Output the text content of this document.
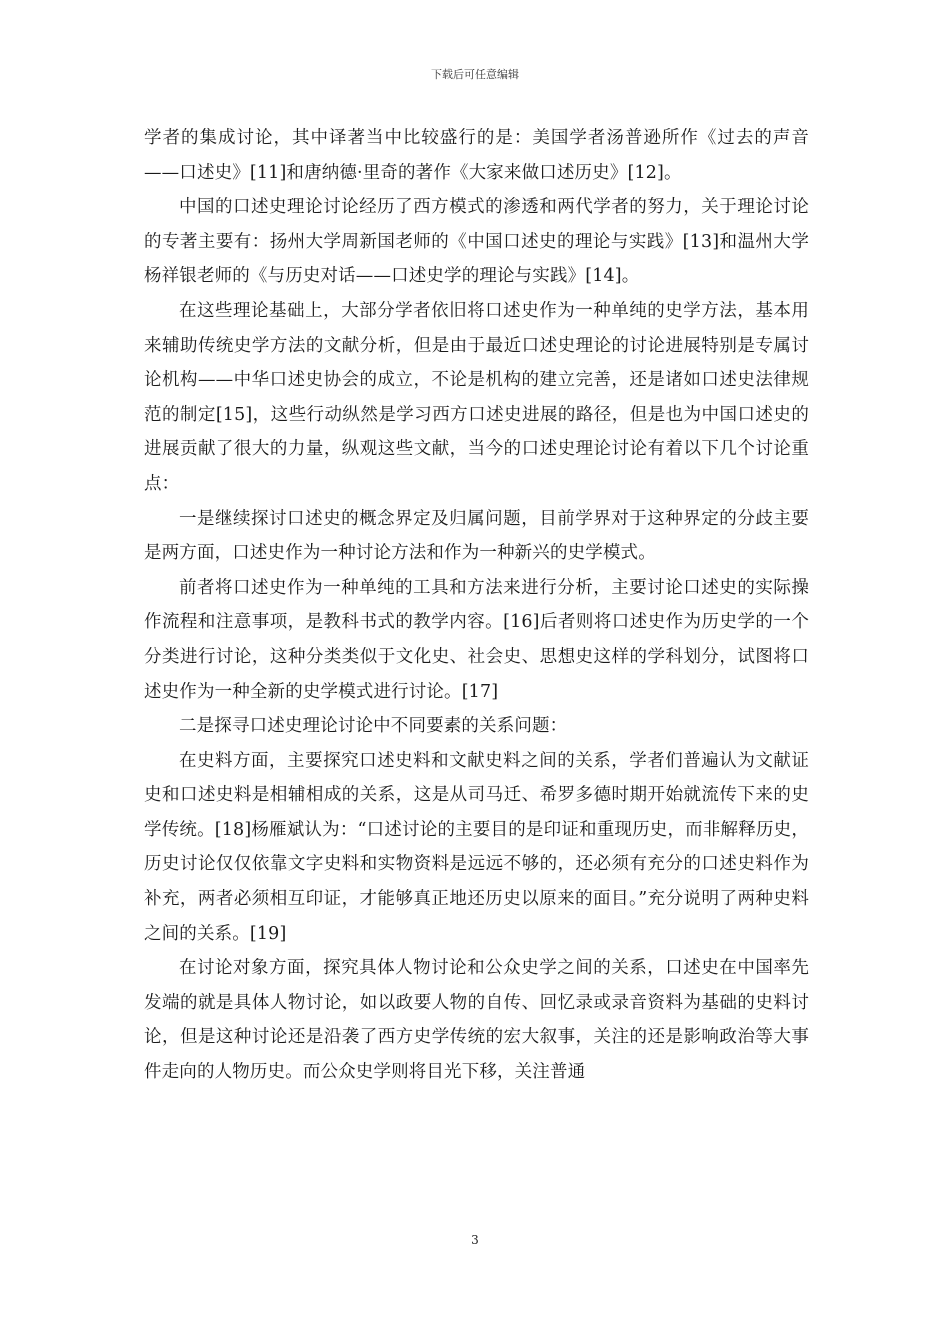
下载后可任意编辑

学者的集成讨论，其中译著当中比较盛行的是：美国学者汤普逊所作《过去的声音——口述史》[11]和唐纳德·里奇的著作《大家来做口述历史》[12]。

中国的口述史理论讨论经历了西方模式的渗透和两代学者的努力，关于理论讨论的专著主要有：扬州大学周新国老师的《中国口述史的理论与实践》[13]和温州大学杨祥银老师的《与历史对话——口述史学的理论与实践》[14]。

在这些理论基础上，大部分学者依旧将口述史作为一种单纯的史学方法，基本用来辅助传统史学方法的文献分析，但是由于最近口述史理论的讨论进展特别是专属讨论机构——中华口述史协会的成立，不论是机构的建立完善，还是诸如口述史法律规范的制定[15]，这些行动纵然是学习西方口述史进展的路径，但是也为中国口述史的进展贡献了很大的力量，纵观这些文献，当今的口述史理论讨论有着以下几个讨论重点：

一是继续探讨口述史的概念界定及归属问题，目前学界对于这种界定的分歧主要是两方面，口述史作为一种讨论方法和作为一种新兴的史学模式。

前者将口述史作为一种单纯的工具和方法来进行分析，主要讨论口述史的实际操作流程和注意事项，是教科书式的教学内容。[16]后者则将口述史作为历史学的一个分类进行讨论，这种分类类似于文化史、社会史、思想史这样的学科划分，试图将口述史作为一种全新的史学模式进行讨论。[17]

二是探寻口述史理论讨论中不同要素的关系问题：

在史料方面，主要探究口述史料和文献史料之间的关系，学者们普遍认为文献证史和口述史料是相辅相成的关系，这是从司马迁、希罗多德时期开始就流传下来的史学传统。[18]杨雁斌认为：“口述讨论的主要目的是印证和重现历史，而非解释历史，历史讨论仅仅依靠文字史料和实物资料是远远不够的，还必须有充分的口述史料作为补充，两者必须相互印证，才能够真正地还历史以原来的面目。”充分说明了两种史料之间的关系。[19]

在讨论对象方面，探究具体人物讨论和公众史学之间的关系，口述史在中国率先发端的就是具体人物讨论，如以政要人物的自传、回忆录或录音资料为基础的史料讨论，但是这种讨论还是沿袭了西方史学传统的宏大叙事，关注的还是影响政治等大事件走向的人物历史。而公众史学则将目光下移，关注普通

3
